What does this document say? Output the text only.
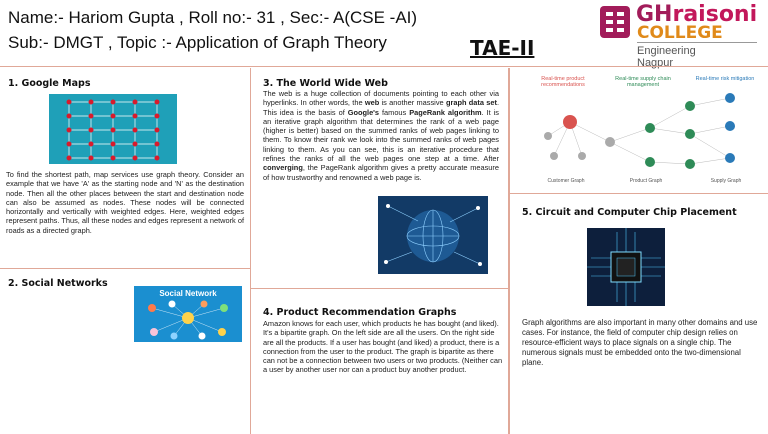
Name:- Hariom Gupta , Roll no:- 31 , Sec:- A(CSE -AI)
Sub:- DMGT , Topic :- Application of Graph Theory	TAE-II
GHraisoni
COLLEGE
Engineering
Nagpur
1. Google Maps
To find the shortest path, map services use graph theory. Consider an example that we have 'A' as the starting node and 'N' as the destination node. Then all the other places between the start and destination node can also be assumed as nodes. These nodes will be connected horizontally and vertically with weighted edges. Here, weighted edges represent paths. Thus, all these nodes and edges represent a network of roads as a directed graph.
2. Social Networks
Social Network
3. The World Wide Web
The web is a huge collection of documents pointing to each other via hyperlinks. In other words, the web is another massive graph data set. This idea is the basis of Google's famous PageRank algorithm. It is an iterative graph algorithm that determines the rank of a web page (higher is better) based on the summed ranks of web pages linking to them. To know their rank we look into the summed ranks of web pages linking to them. As you can see, this is an iterative procedure that refines the ranks of all the web pages one step at a time. After converging, the PageRank algorithm gives a pretty accurate measure of how trustworthy and renowned a web page is.
4. Product Recommendation Graphs
Amazon knows for each user, which products he has bought (and liked). It's a bipartite graph. On the left side are all the users. On the right side are all the products. If a user has bought (and liked) a product, there is a connection from the user to the product. The graph is bipartite as there can not be a connection between two users or two products. (Neither can a user by another user nor can a product buy another product.
Real-time product recommendations
Real-time supply chain management
Real-time risk mitigation
Customer Graph	Product Graph	Supply Graph
5. Circuit and Computer Chip Placement
Graph algorithms are also important in many other domains and use cases. For instance, the field of computer chip design relies on resource-efficient ways to place signals on a single chip. The numerous signals must be embedded onto the two-dimensional plane.
